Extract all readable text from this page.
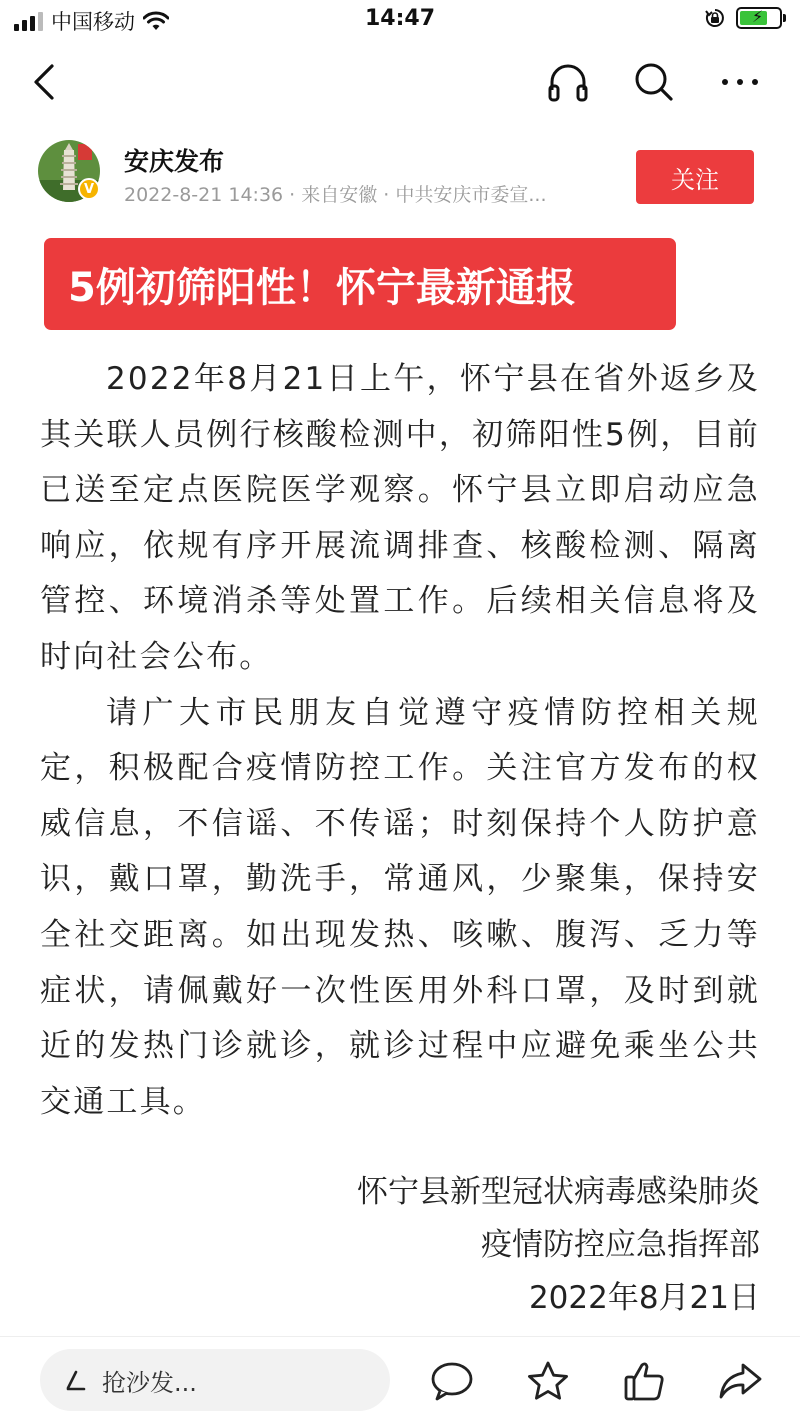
中国移动	14:47	⚡
V
安庆发布
2022-8-21 14:36 · 来自安徽 · 中共安庆市委宣...
关注
5例初筛阳性！怀宁最新通报

2022年8月21日上午，怀宁县在省外返乡及其关联人员例行核酸检测中，初筛阳性5例，目前已送至定点医院医学观察。怀宁县立即启动应急响应，依规有序开展流调排查、核酸检测、隔离管控、环境消杀等处置工作。后续相关信息将及时向社会公布。

请广大市民朋友自觉遵守疫情防控相关规定，积极配合疫情防控工作。关注官方发布的权威信息，不信谣、不传谣；时刻保持个人防护意识，戴口罩，勤洗手，常通风，少聚集，保持安全社交距离。如出现发热、咳嗽、腹泻、乏力等症状，请佩戴好一次性医用外科口罩，及时到就近的发热门诊就诊，就诊过程中应避免乘坐公共交通工具。

怀宁县新型冠状病毒感染肺炎
疫情防控应急指挥部
2022年8月21日
抢沙发...
